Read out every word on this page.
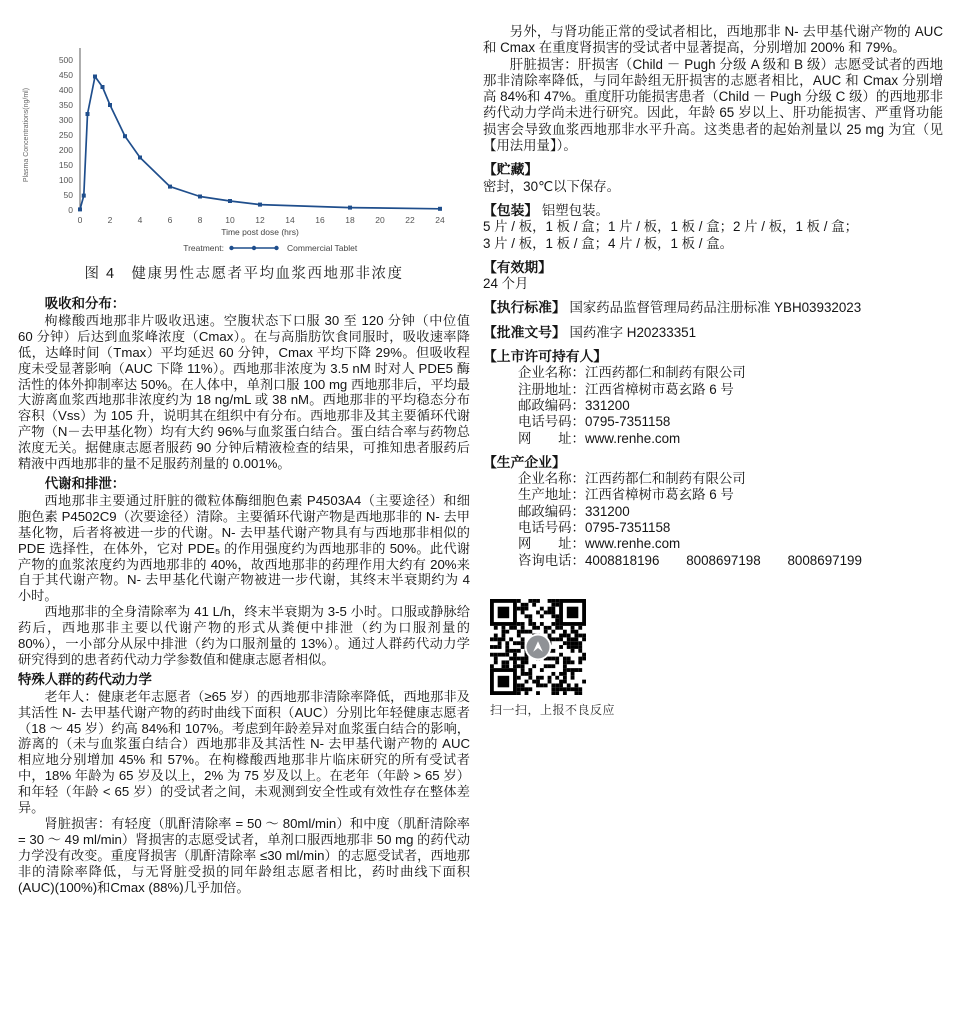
0
50
100
150
200
250
300
350
400
450
500
0	2	4	6	8	10 12 14 16 18 20 22 24
Plasma Concentrations(ng/ml)
Time post dose (hrs)
Treatment:	Commercial Tablet
图 4　健康男性志愿者平均血浆西地那非浓度
吸收和分布：

枸橼酸西地那非片吸收迅速。空腹状态下口服 30 至 120 分钟（中位值 60 分钟）后达到血浆峰浓度（Cmax）。在与高脂肪饮食同服时，吸收速率降低，达峰时间（Tmax）平均延迟 60 分钟，Cmax 平均下降 29%。但吸收程度未受显著影响（AUC 下降 11%）。西地那非浓度为 3.5 nM 时对人 PDE5 酶活性的体外抑制率达 50%。在人体中，单剂口服 100 mg 西地那非后，平均最大游离血浆西地那非浓度约为 18 ng/mL 或 38 nM。西地那非的平均稳态分布容积（Vss）为 105 升，说明其在组织中有分布。西地那非及其主要循环代谢产物（N－去甲基化物）均有大约 96%与血浆蛋白结合。蛋白结合率与药物总浓度无关。据健康志愿者服药 90 分钟后精液检查的结果，可推知患者服药后精液中西地那非的量不足服药剂量的 0.001%。

代谢和排泄：

西地那非主要通过肝脏的微粒体酶细胞色素 P4503A4（主要途径）和细胞色素 P4502C9（次要途径）清除。主要循环代谢产物是西地那非的 N- 去甲基化物，后者将被进一步的代谢。N- 去甲基代谢产物具有与西地那非相似的 PDE 选择性，在体外，它对 PDE₅ 的作用强度约为西地那非的 50%。此代谢产物的血浆浓度约为西地那非的 40%，故西地那非的药理作用大约有 20%来自于其代谢产物。N- 去甲基化代谢产物被进一步代谢，其终末半衰期约为 4 小时。

西地那非的全身清除率为 41 L/h，终末半衰期为 3-5 小时。口服或静脉给药后，西地那非主要以代谢产物的形式从粪便中排泄（约为口服剂量的 80%），一小部分从尿中排泄（约为口服剂量的 13%）。通过人群药代动力学研究得到的患者药代动力学参数值和健康志愿者相似。

特殊人群的药代动力学

老年人：健康老年志愿者（≥65 岁）的西地那非清除率降低，西地那非及其活性 N- 去甲基代谢产物的药时曲线下面积（AUC）分别比年轻健康志愿者（18 ～ 45 岁）约高 84%和 107%。考虑到年龄差异对血浆蛋白结合的影响，游离的（未与血浆蛋白结合）西地那非及其活性 N- 去甲基代谢产物的 AUC 相应地分别增加 45% 和 57%。在枸橼酸西地那非片临床研究的所有受试者中，18% 年龄为 65 岁及以上，2% 为 75 岁及以上。在老年（年龄 > 65 岁）和年轻（年龄 < 65 岁）的受试者之间，未观测到安全性或有效性存在整体差异。

肾脏损害：有轻度（肌酐清除率 = 50 ～ 80ml/min）和中度（肌酐清除率 = 30 ～ 49 ml/min）肾损害的志愿受试者，单剂口服西地那非 50 mg 的药代动力学没有改变。重度肾损害（肌酐清除率 ≤30 ml/min）的志愿受试者，西地那非的清除率降低，与无肾脏受损的同年龄组志愿者相比，药时曲线下面积(AUC)(100%)和Cmax (88%)几乎加倍。

另外，与肾功能正常的受试者相比，西地那非 N- 去甲基代谢产物的 AUC 和 Cmax 在重度肾损害的受试者中显著提高，分别增加 200% 和 79%。

肝脏损害：肝损害（Child － Pugh 分级 A 级和 B 级）志愿受试者的西地那非清除率降低，与同年龄组无肝损害的志愿者相比，AUC 和 Cmax 分别增高 84%和 47%。重度肝功能损害患者（Child － Pugh 分级 C 级）的西地那非药代动力学尚未进行研究。因此，年龄 65 岁以上、肝功能损害、严重肾功能损害会导致血浆西地那非水平升高。这类患者的起始剂量以 25 mg 为宜（见【用法用量】）。

【贮藏】
密封，30℃以下保存。
【包装】 铝塑包装。
5 片 / 板，1 板 / 盒；1 片 / 板，1 板 / 盒；2 片 / 板，1 板 / 盒；
3 片 / 板，1 板 / 盒；4 片 / 板，1 板 / 盒。
【有效期】
24 个月
【执行标准】 国家药品监督管理局药品注册标准 YBH03932023
【批准文号】 国药准字 H20233351
【上市许可持有人】
企业名称：江西药都仁和制药有限公司
注册地址：江西省樟树市葛玄路 6 号
邮政编码：331200
电话号码：0795-7351158
网　　址：www.renhe.com
【生产企业】
企业名称：江西药都仁和制药有限公司
生产地址：江西省樟树市葛玄路 6 号
邮政编码：331200
电话号码：0795-7351158
网　　址：www.renhe.com
咨询电话：4008818196　　8008697198　　8008697199
扫一扫，上报不良反应
